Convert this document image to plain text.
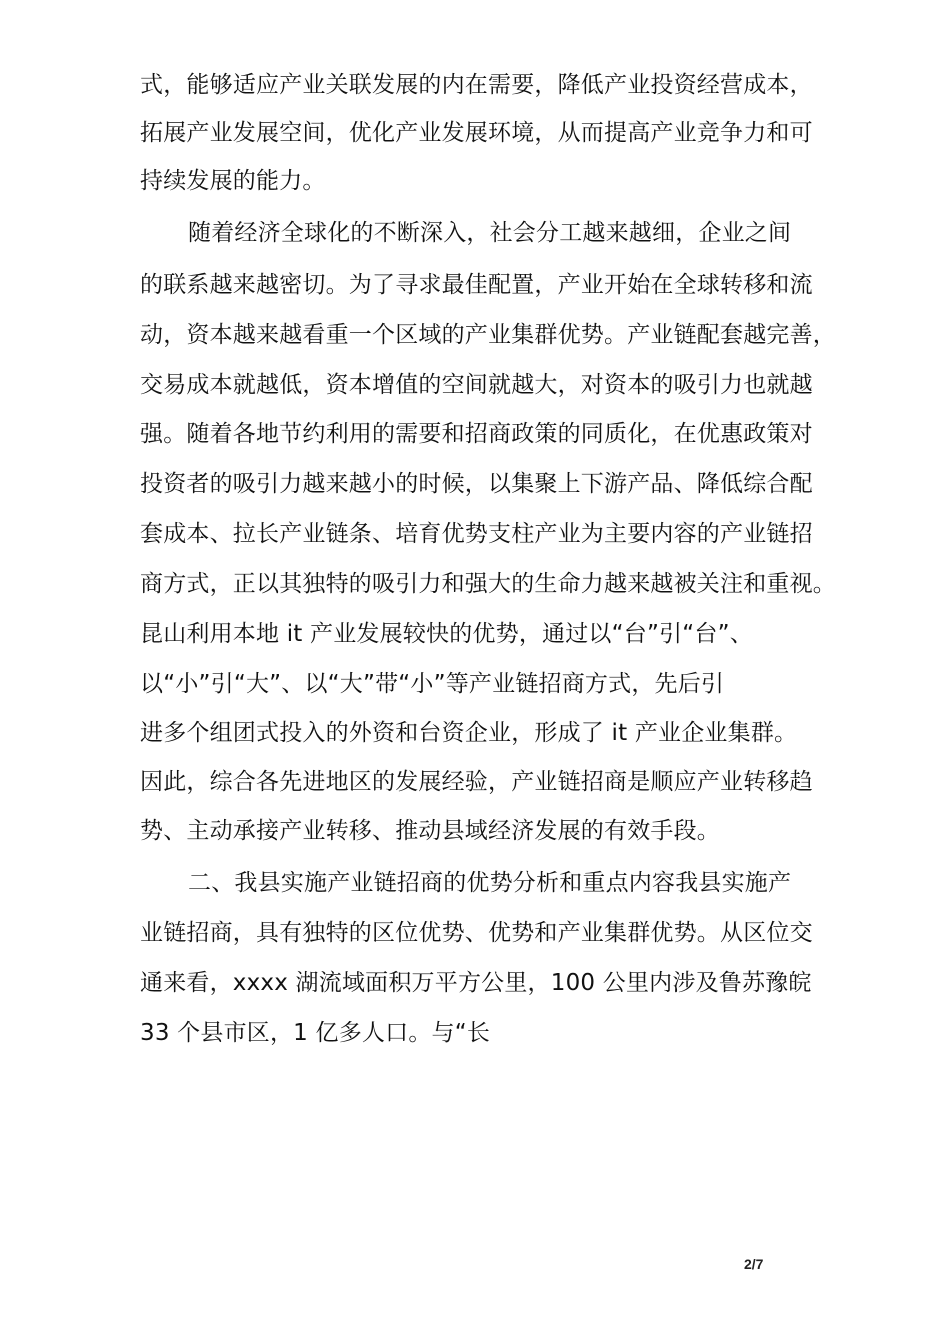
式，能够适应产业关联发展的内在需要，降低产业投资经营成本，
拓展产业发展空间，优化产业发展环境，从而提高产业竞争力和可
持续发展的能力。
随着经济全球化的不断深入，社会分工越来越细，企业之间
的联系越来越密切。为了寻求最佳配置，产业开始在全球转移和流
动，资本越来越看重一个区域的产业集群优势。产业链配套越完善，
交易成本就越低，资本增值的空间就越大，对资本的吸引力也就越
强。随着各地节约利用的需要和招商政策的同质化，在优惠政策对
投资者的吸引力越来越小的时候，以集聚上下游产品、降低综合配
套成本、拉长产业链条、培育优势支柱产业为主要内容的产业链招
商方式，正以其独特的吸引力和强大的生命力越来越被关注和重视。
昆山利用本地 it 产业发展较快的优势，通过以“台”引“台”、
以“小”引“大”、以“大”带“小”等产业链招商方式，先后引
进多个组团式投入的外资和台资企业，形成了 it 产业企业集群。
因此，综合各先进地区的发展经验，产业链招商是顺应产业转移趋
势、主动承接产业转移、推动县域经济发展的有效手段。
二、我县实施产业链招商的优势分析和重点内容我县实施产
业链招商，具有独特的区位优势、优势和产业集群优势。从区位交
通来看，xxxx 湖流域面积万平方公里，100 公里内涉及鲁苏豫皖
33 个县市区，1 亿多人口。与“长
2/7
